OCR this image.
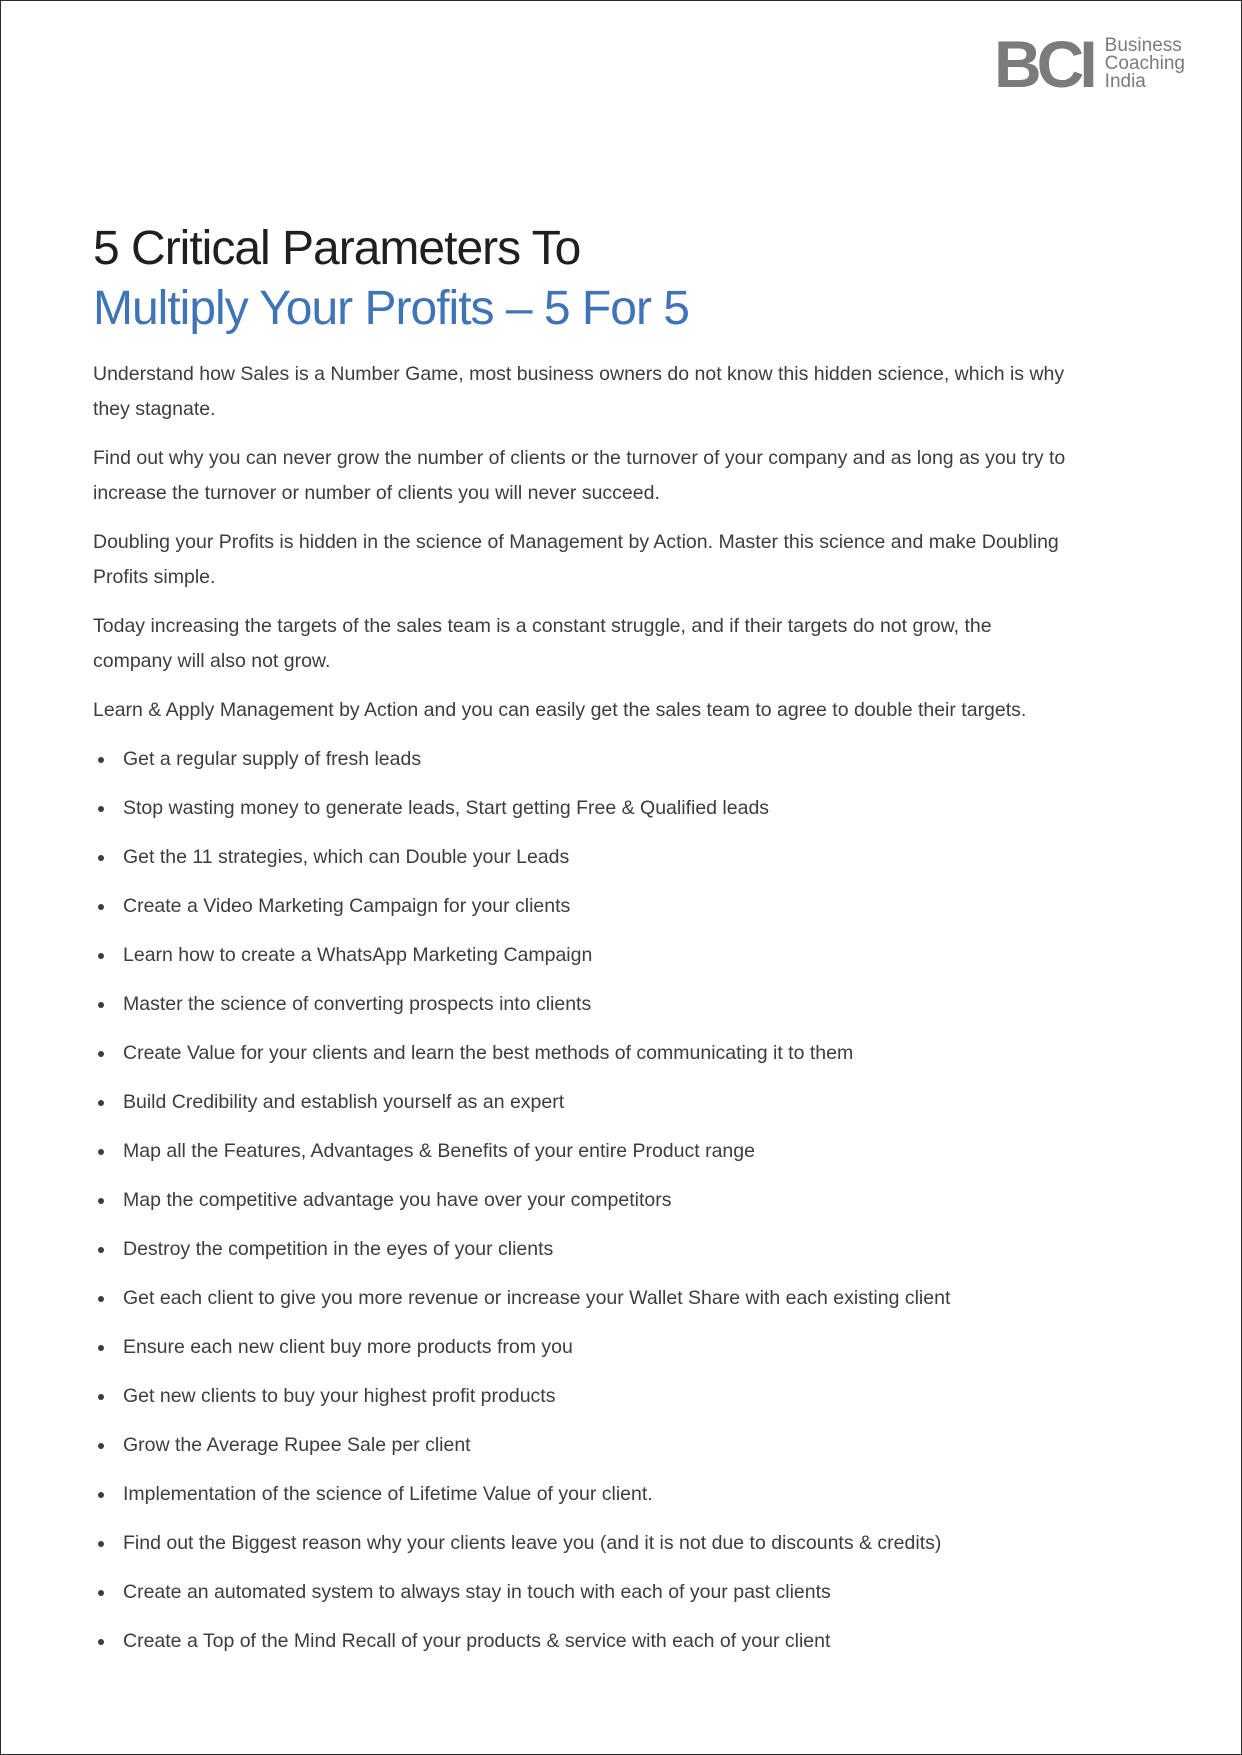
BCI Business
Coaching
India
5 Critical Parameters To
Multiply Your Profits – 5 For 5

Understand how Sales is a Number Game, most business owners do not know this hidden science, which is why they stagnate.

Find out why you can never grow the number of clients or the turnover of your company and as long as you try to increase the turnover or number of clients you will never succeed.

Doubling your Profits is hidden in the science of Management by Action. Master this science and make Doubling Profits simple.

Today increasing the targets of the sales team is a constant struggle, and if their targets do not grow, the company will also not grow.

Learn & Apply Management by Action and you can easily get the sales team to agree to double their targets.

Get a regular supply of fresh leads
Stop wasting money to generate leads, Start getting Free & Qualified leads
Get the 11 strategies, which can Double your Leads
Create a Video Marketing Campaign for your clients
Learn how to create a WhatsApp Marketing Campaign
Master the science of converting prospects into clients
Create Value for your clients and learn the best methods of communicating it to them
Build Credibility and establish yourself as an expert
Map all the Features, Advantages & Benefits of your entire Product range
Map the competitive advantage you have over your competitors
Destroy the competition in the eyes of your clients
Get each client to give you more revenue or increase your Wallet Share with each existing client
Ensure each new client buy more products from you
Get new clients to buy your highest profit products
Grow the Average Rupee Sale per client
Implementation of the science of Lifetime Value of your client.
Find out the Biggest reason why your clients leave you (and it is not due to discounts & credits)
Create an automated system to always stay in touch with each of your past clients
Create a Top of the Mind Recall of your products & service with each of your client
